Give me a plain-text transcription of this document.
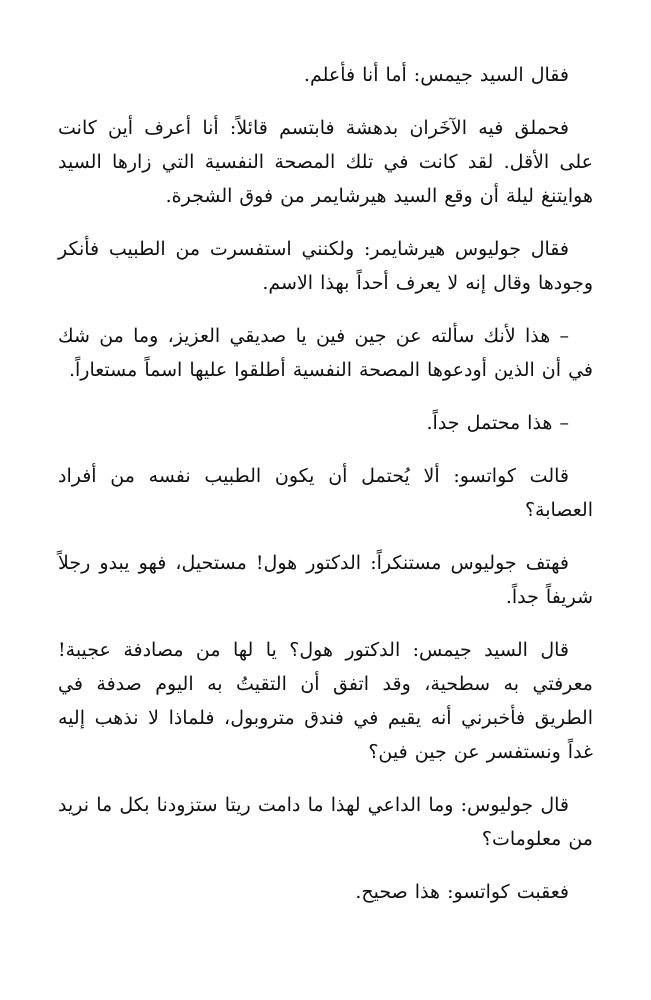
فقال السيد جيمس: أما أنا فأعلم.

فحملق فيه الآخَران بدهشة فابتسم قائلاً: أنا أعرف أين كانت على الأقل. لقد كانت في تلك المصحة النفسية التي زارها السيد هوايتنغ ليلة أن وقع السيد هيرشايمر من فوق الشجرة.

فقال جوليوس هيرشايمر: ولكنني استفسرت من الطبيب فأنكر وجودها وقال إنه لا يعرف أحداً بهذا الاسم.

– هذا لأنك سألته عن جين فين يا صديقي العزيز، وما من شك في أن الذين أودعوها المصحة النفسية أطلقوا عليها اسماً مستعاراً.

– هذا محتمل جداً.

قالت كواتسو: ألا يُحتمل أن يكون الطبيب نفسه من أفراد العصابة؟

فهتف جوليوس مستنكراً: الدكتور هول! مستحيل، فهو يبدو رجلاً شريفاً جداً.

قال السيد جيمس: الدكتور هول؟ يا لها من مصادفة عجيبة! معرفتي به سطحية، وقد اتفق أن التقيتُ به اليوم صدفة في الطريق فأخبرني أنه يقيم في فندق متروبول، فلماذا لا نذهب إليه غداً ونستفسر عن جين فين؟

قال جوليوس: وما الداعي لهذا ما دامت ريتا ستزودنا بكل ما نريد من معلومات؟

فعقبت كواتسو: هذا صحيح.
